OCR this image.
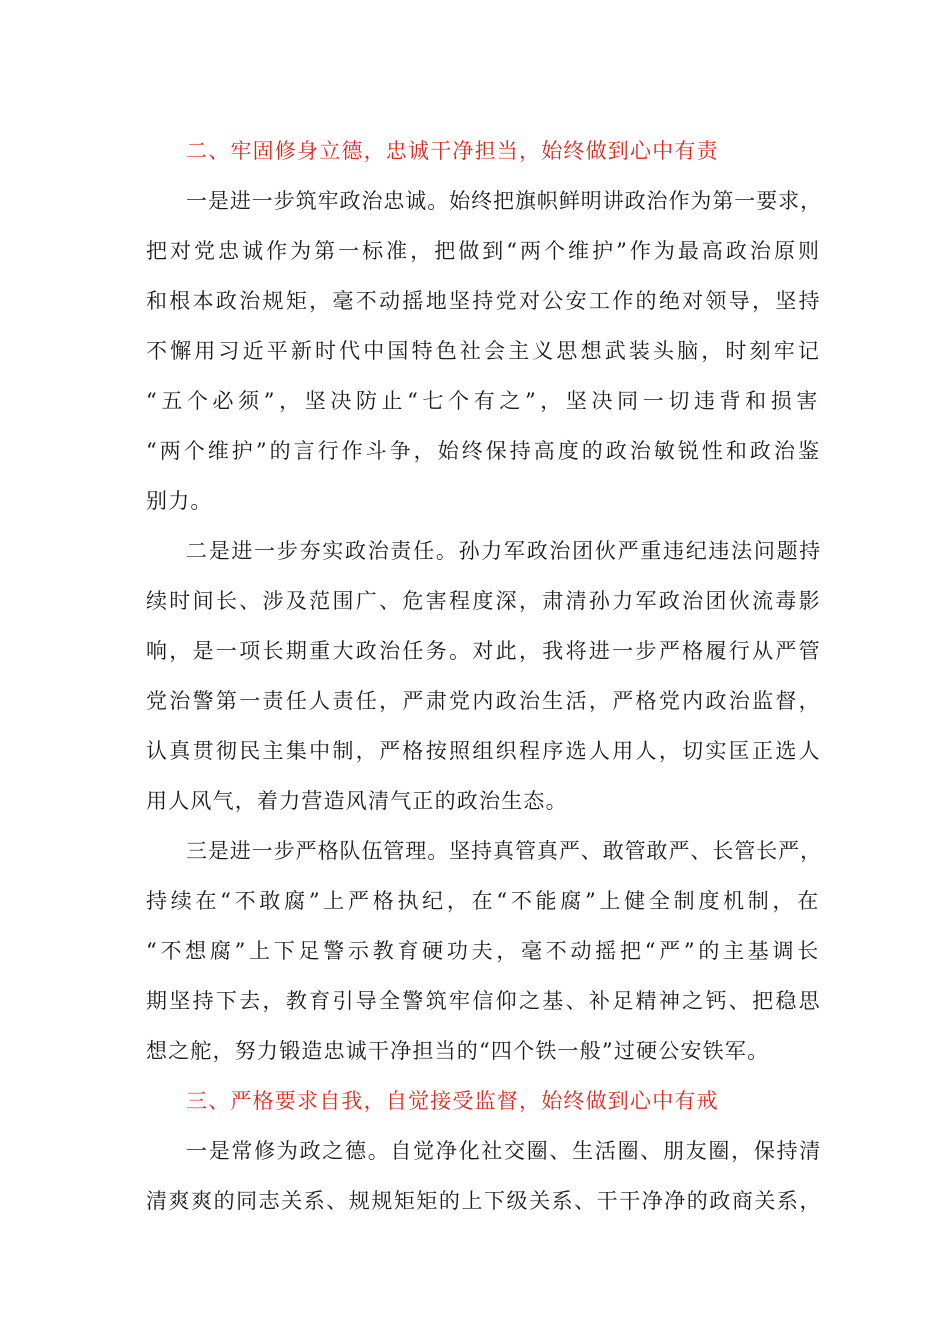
二、牢固修身立德，忠诚干净担当，始终做到心中有责
一是进一步筑牢政治忠诚。始终把旗帜鲜明讲政治作为第一要求，
把对党忠诚作为第一标准，把做到“两个维护”作为最高政治原则
和根本政治规矩，毫不动摇地坚持党对公安工作的绝对领导，坚持
不懈用习近平新时代中国特色社会主义思想武装头脑，时刻牢记
“五个必须”，坚决防止“七个有之”，坚决同一切违背和损害
“两个维护”的言行作斗争，始终保持高度的政治敏锐性和政治鉴
别力。
二是进一步夯实政治责任。孙力军政治团伙严重违纪违法问题持
续时间长、涉及范围广、危害程度深，肃清孙力军政治团伙流毒影
响，是一项长期重大政治任务。对此，我将进一步严格履行从严管
党治警第一责任人责任，严肃党内政治生活，严格党内政治监督，
认真贯彻民主集中制，严格按照组织程序选人用人，切实匡正选人
用人风气，着力营造风清气正的政治生态。
三是进一步严格队伍管理。坚持真管真严、敢管敢严、长管长严，
持续在“不敢腐”上严格执纪，在“不能腐”上健全制度机制，在
“不想腐”上下足警示教育硬功夫，毫不动摇把“严”的主基调长
期坚持下去，教育引导全警筑牢信仰之基、补足精神之钙、把稳思
想之舵，努力锻造忠诚干净担当的“四个铁一般”过硬公安铁军。
三、严格要求自我，自觉接受监督，始终做到心中有戒
一是常修为政之德。自觉净化社交圈、生活圈、朋友圈，保持清
清爽爽的同志关系、规规矩矩的上下级关系、干干净净的政商关系，
